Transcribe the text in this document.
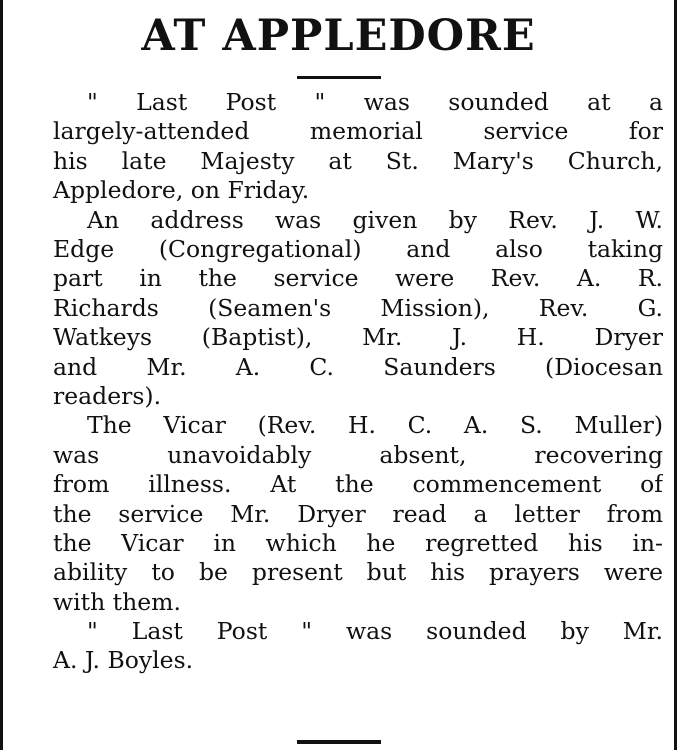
AT APPLEDORE
" Last Post " was sounded at a
largely-attended memorial service for
his late Majesty at St. Mary's Church,
Appledore, on Friday.
An address was given by Rev. J. W.
Edge (Congregational) and also taking
part in the service were Rev. A. R.
Richards (Seamen's Mission), Rev. G.
Watkeys (Baptist), Mr. J. H. Dryer
and Mr. A. C. Saunders (Diocesan
readers).
The Vicar (Rev. H. C. A. S. Muller)
was unavoidably absent, recovering
from illness. At the commencement of
the service Mr. Dryer read a letter from
the Vicar in which he regretted his in-
ability to be present but his prayers were
with them.
" Last Post " was sounded by Mr.
A. J. Boyles.
